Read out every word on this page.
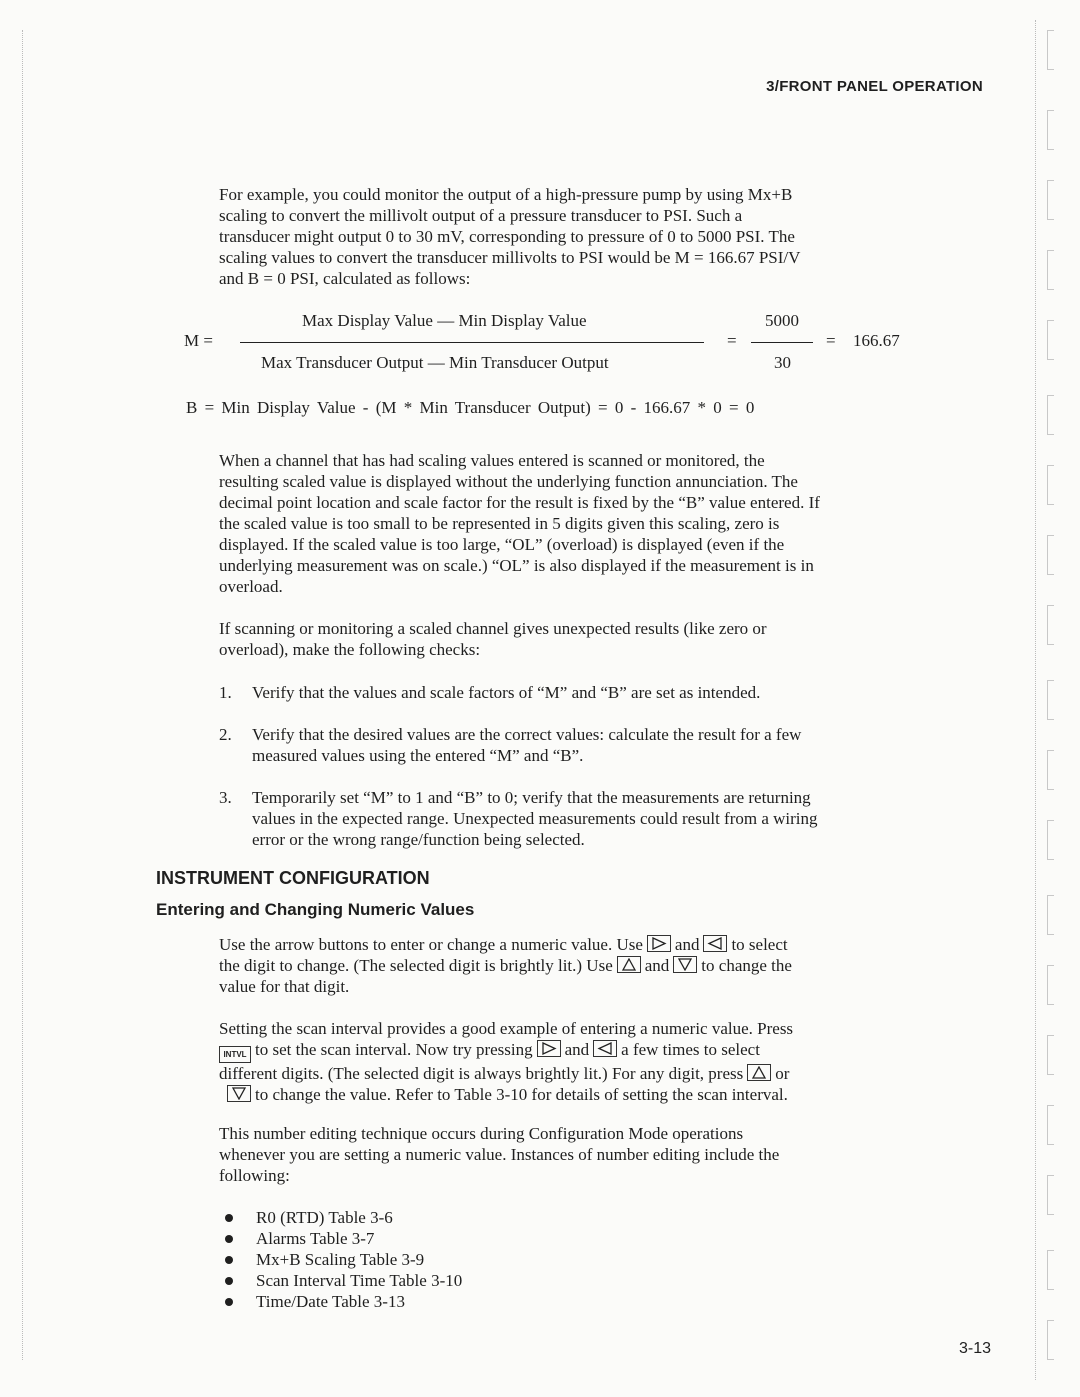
3/FRONT PANEL OPERATION

For example, you could monitor the output of a high-pressure pump by using Mx+B
scaling to convert the millivolt output of a pressure transducer to PSI. Such a
transducer might output 0 to 30 mV, corresponding to pressure of 0 to 5000 PSI. The
scaling values to convert the transducer millivolts to PSI would be M = 166.67 PSI/V
and B = 0 PSI, calculated as follows:

M =
Max Display Value — Min Display Value
Max Transducer Output — Min Transducer Output
=
5000
30
= 166.67
B = Min Display Value - (M * Min Transducer Output) = 0 - 166.67 * 0 = 0

When a channel that has had scaling values entered is scanned or monitored, the
resulting scaled value is displayed without the underlying function annunciation. The
decimal point location and scale factor for the result is fixed by the “B” value entered. If
the scaled value is too small to be represented in 5 digits given this scaling, zero is
displayed. If the scaled value is too large, “OL” (overload) is displayed (even if the
underlying measurement was on scale.) “OL” is also displayed if the measurement is in
overload.

If scanning or monitoring a scaled channel gives unexpected results (like zero or
overload), make the following checks:

1. Verify that the values and scale factors of “M” and “B” are set as intended.

2. Verify that the desired values are the correct values: calculate the result for a few
measured values using the entered “M” and “B”.

3. Temporarily set “M” to 1 and “B” to 0; verify that the measurements are returning
values in the expected range. Unexpected measurements could result from a wiring
error or the wrong range/function being selected.

INSTRUMENT CONFIGURATION
Entering and Changing Numeric Values
Use the arrow buttons to enter or change a numeric value. Use and to select
the digit to change. (The selected digit is brightly lit.) Use and to change the
value for that digit.
Setting the scan interval provides a good example of entering a numeric value. Press
INTVL to set the scan interval. Now try pressing and a few times to select
different digits. (The selected digit is always brightly lit.) For any digit, press or
to change the value. Refer to Table 3-10 for details of setting the scan interval.

This number editing technique occurs during Configuration Mode operations
whenever you are setting a numeric value. Instances of number editing include the
following:

R0 (RTD) Table 3-6
Alarms Table 3-7
Mx+B Scaling Table 3-9
Scan Interval Time Table 3-10
Time/Date Table 3-13
3-13
